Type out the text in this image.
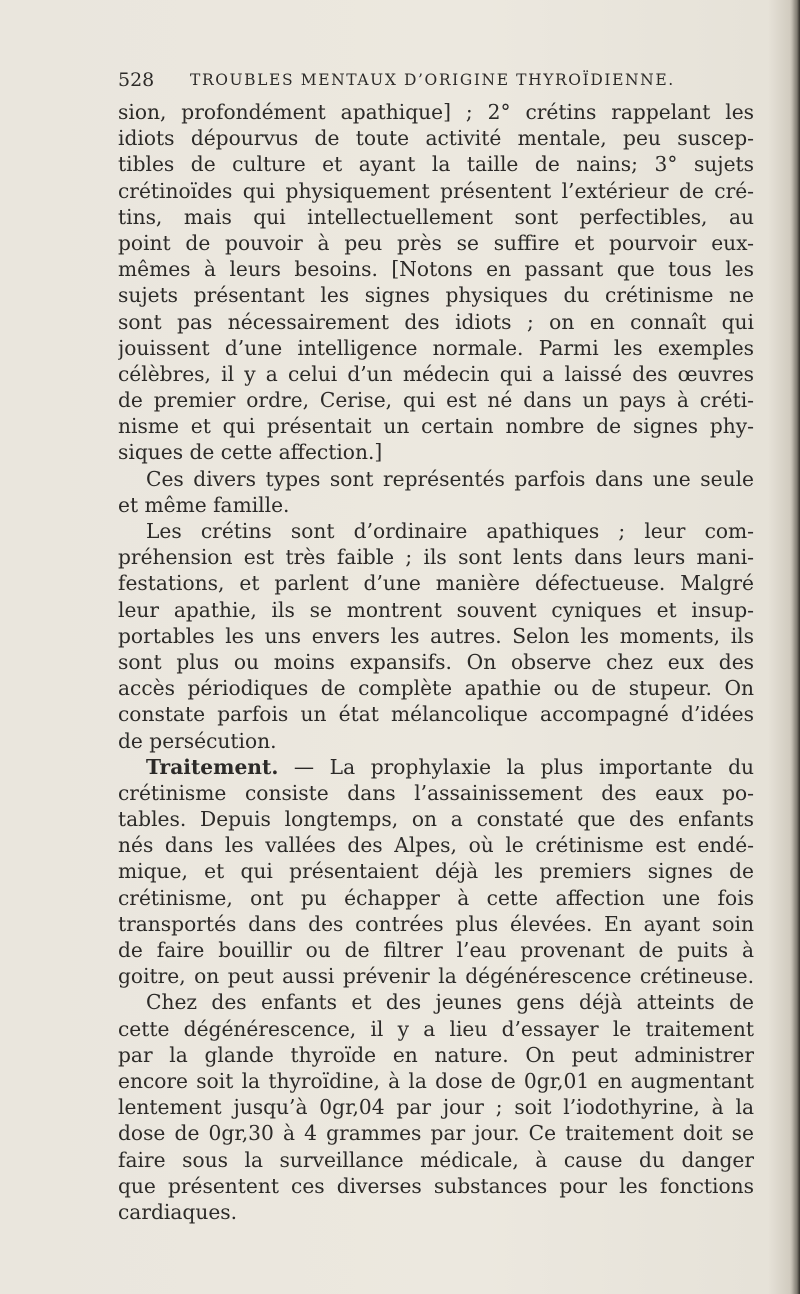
528 TROUBLES MENTAUX D’ORIGINE THYROÏDIENNE.
sion, profondément apathique] ; 2° crétins rappelant les
idiots dépourvus de toute activité mentale, peu suscep-
tibles de culture et ayant la taille de nains; 3° sujets
crétinoïdes qui physiquement présentent l’extérieur de cré-
tins, mais qui intellectuellement sont perfectibles, au
point de pouvoir à peu près se suffire et pourvoir eux-
mêmes à leurs besoins. [Notons en passant que tous les
sujets présentant les signes physiques du crétinisme ne
sont pas nécessairement des idiots ; on en connaît qui
jouissent d’une intelligence normale. Parmi les exemples
célèbres, il y a celui d’un médecin qui a laissé des œuvres
de premier ordre, Cerise, qui est né dans un pays à créti-
nisme et qui présentait un certain nombre de signes phy-
siques de cette affection.]
Ces divers types sont représentés parfois dans une seule
et même famille.
Les crétins sont d’ordinaire apathiques ; leur com-
préhension est très faible ; ils sont lents dans leurs mani-
festations, et parlent d’une manière défectueuse. Malgré
leur apathie, ils se montrent souvent cyniques et insup-
portables les uns envers les autres. Selon les moments, ils
sont plus ou moins expansifs. On observe chez eux des
accès périodiques de complète apathie ou de stupeur. On
constate parfois un état mélancolique accompagné d’idées
de persécution.
Traitement. — La prophylaxie la plus importante du
crétinisme consiste dans l’assainissement des eaux po-
tables. Depuis longtemps, on a constaté que des enfants
nés dans les vallées des Alpes, où le crétinisme est endé-
mique, et qui présentaient déjà les premiers signes de
crétinisme, ont pu échapper à cette affection une fois
transportés dans des contrées plus élevées. En ayant soin
de faire bouillir ou de filtrer l’eau provenant de puits à
goitre, on peut aussi prévenir la dégénérescence crétineuse.
Chez des enfants et des jeunes gens déjà atteints de
cette dégénérescence, il y a lieu d’essayer le traitement
par la glande thyroïde en nature. On peut administrer
encore soit la thyroïdine, à la dose de 0gr,01 en augmentant
lentement jusqu’à 0gr,04 par jour ; soit l’iodothyrine, à la
dose de 0gr,30 à 4 grammes par jour. Ce traitement doit se
faire sous la surveillance médicale, à cause du danger
que présentent ces diverses substances pour les fonctions
cardiaques.
